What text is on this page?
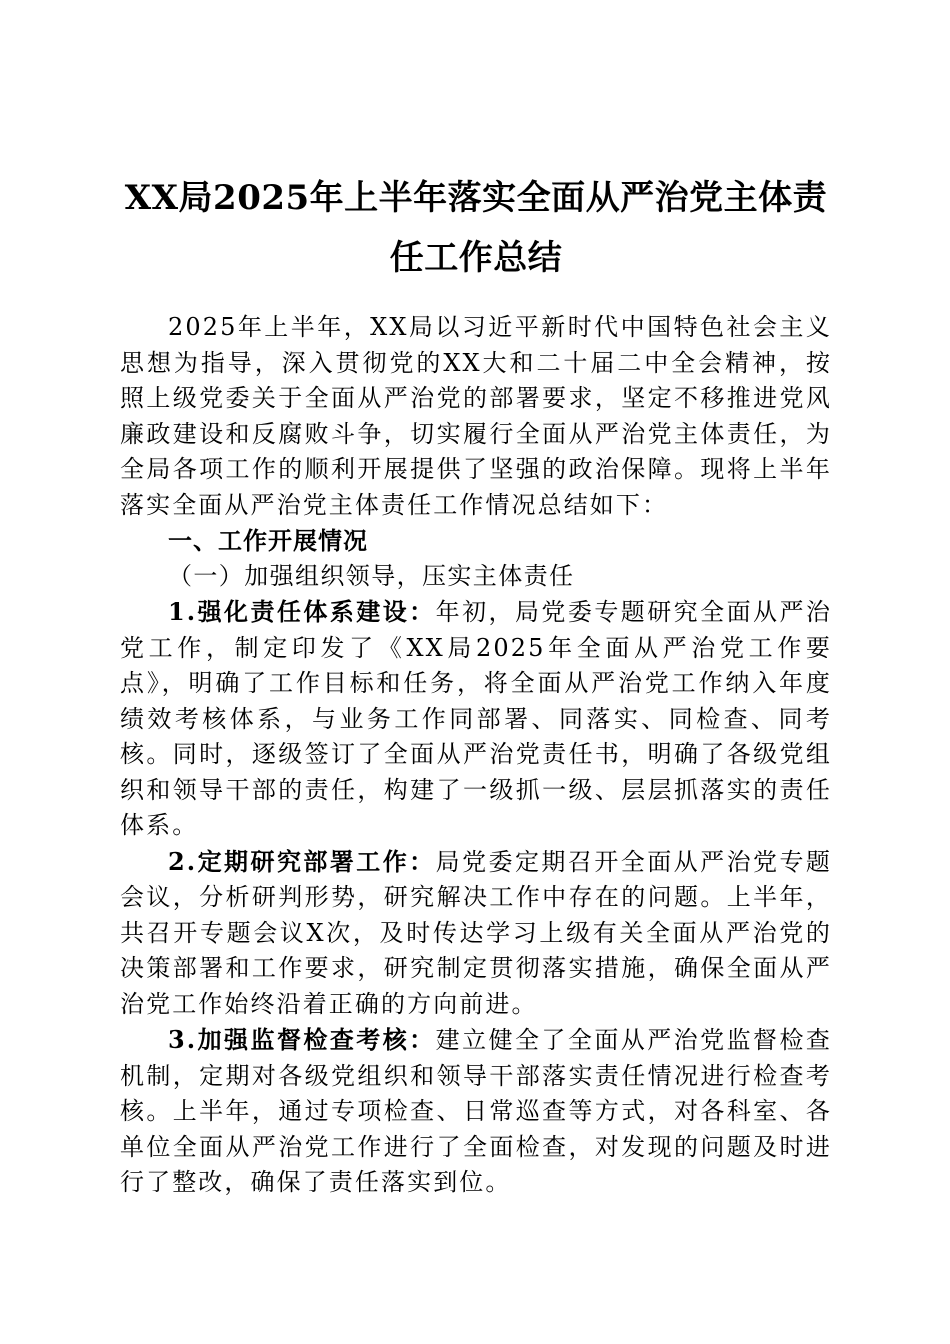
XX局2025年上半年落实全面从严治党主体责
任工作总结

2025年上半年，XX局以习近平新时代中国特色社会主义思想为指导，深入贯彻党的XX大和二十届二中全会精神，按照上级党委关于全面从严治党的部署要求，坚定不移推进党风廉政建设和反腐败斗争，切实履行全面从严治党主体责任，为全局各项工作的顺利开展提供了坚强的政治保障。现将上半年落实全面从严治党主体责任工作情况总结如下：

一、工作开展情况

（一）加强组织领导，压实主体责任

1.强化责任体系建设：年初，局党委专题研究全面从严治党工作，制定印发了《XX局2025年全面从严治党工作要点》，明确了工作目标和任务，将全面从严治党工作纳入年度绩效考核体系，与业务工作同部署、同落实、同检查、同考核。同时，逐级签订了全面从严治党责任书，明确了各级党组织和领导干部的责任，构建了一级抓一级、层层抓落实的责任体系。

2.定期研究部署工作：局党委定期召开全面从严治党专题会议，分析研判形势，研究解决工作中存在的问题。上半年，共召开专题会议X次，及时传达学习上级有关全面从严治党的决策部署和工作要求，研究制定贯彻落实措施，确保全面从严治党工作始终沿着正确的方向前进。

3.加强监督检查考核：建立健全了全面从严治党监督检查机制，定期对各级党组织和领导干部落实责任情况进行检查考核。上半年，通过专项检查、日常巡查等方式，对各科室、各单位全面从严治党工作进行了全面检查，对发现的问题及时进行了整改，确保了责任落实到位。
